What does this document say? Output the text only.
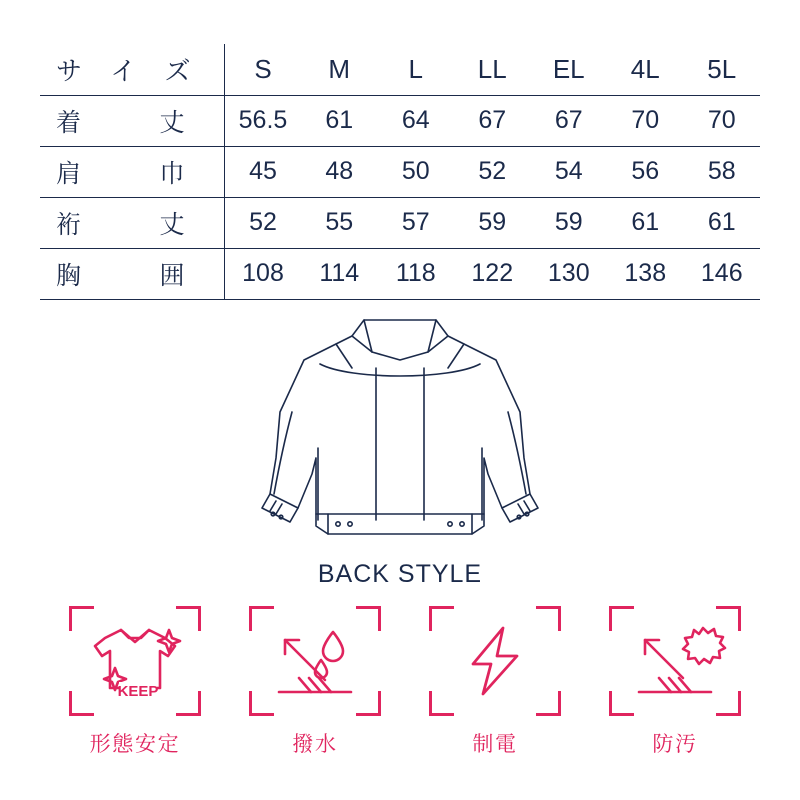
サ イ ズ	S	M	L	LL	EL	4L	5L

着 丈	56.5	61	64	67	67	70	70

肩 巾	45	48	50	52	54	56	58

裄 丈	52	55	57	59	59	61	61

胸 囲	108	114	118	122	130	138	146
BACK STYLE
KEEP
形態安定	撥水	制電	防汚
